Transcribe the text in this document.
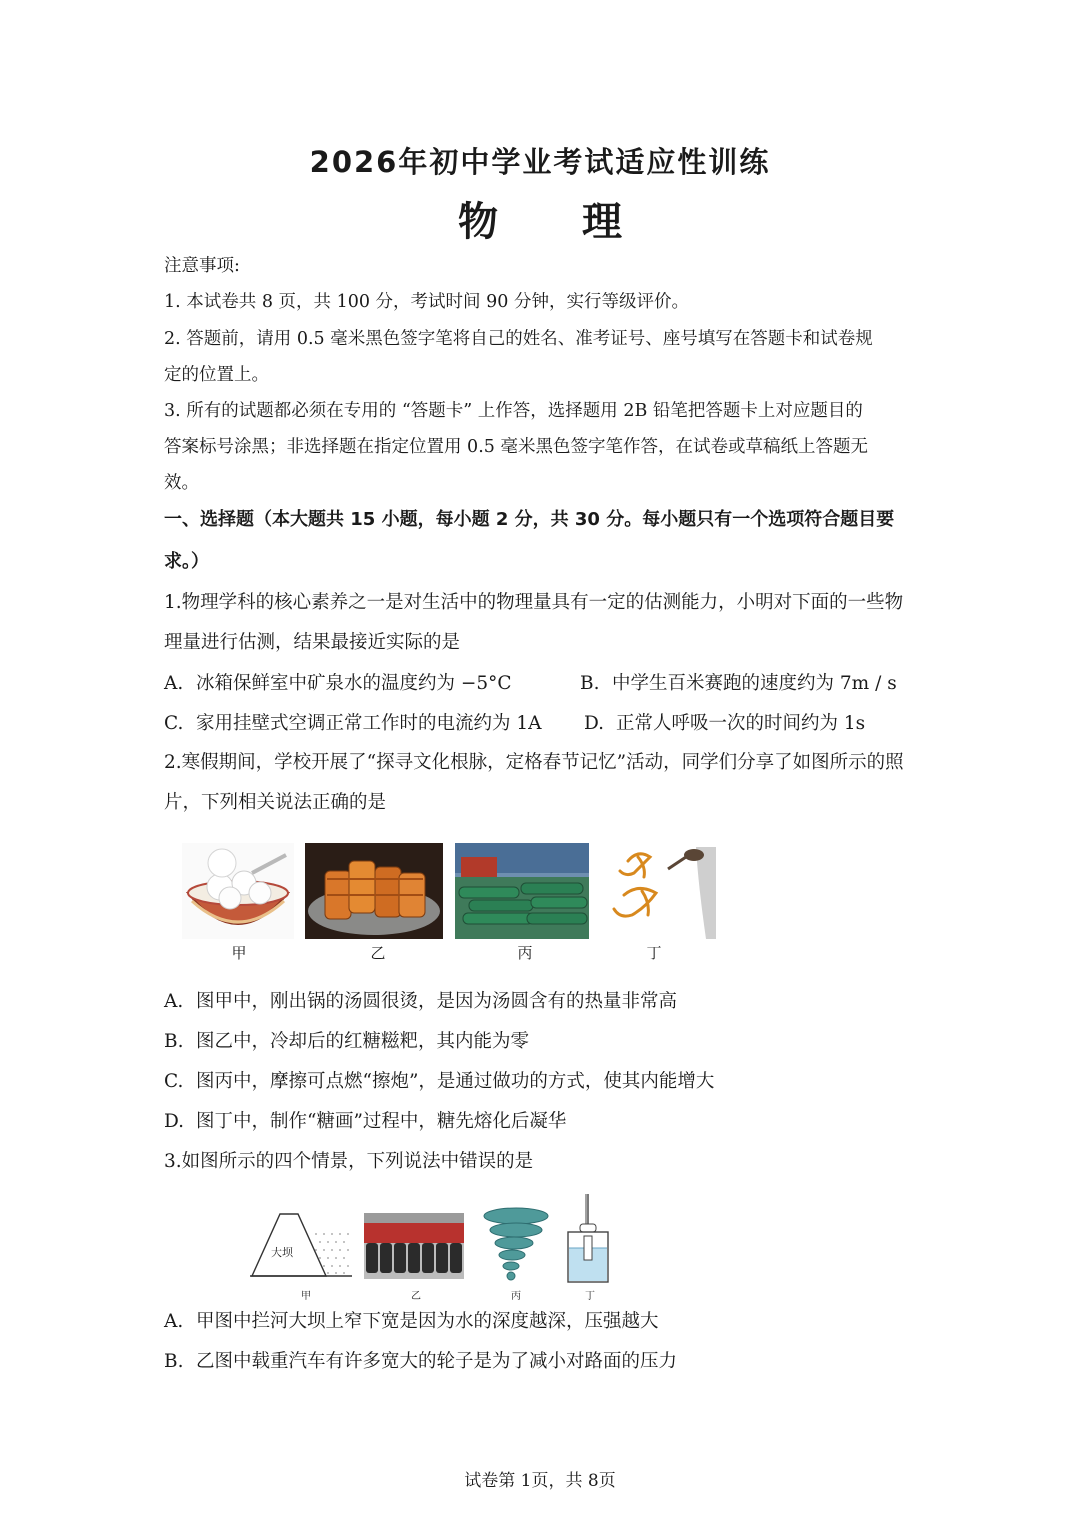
2026年初中学业考试适应性训练
物 理
注意事项:
1. 本试卷共 8 页，共 100 分，考试时间 90 分钟，实行等级评价。
2. 答题前，请用 0.5 毫米黑色签字笔将自己的姓名、准考证号、座号填写在答题卡和试卷规
定的位置上。
3. 所有的试题都必须在专用的 “答题卡” 上作答，选择题用 2B 铅笔把答题卡上对应题目的
答案标号涂黑；非选择题在指定位置用 0.5 毫米黑色签字笔作答，在试卷或草稿纸上答题无
效。
一、选择题（本大题共 15 小题，每小题 2 分，共 30 分。每小题只有一个选项符合题目要
求。）
1.物理学科的核心素养之一是对生活中的物理量具有一定的估测能力，小明对下面的一些物
理量进行估测，结果最接近实际的是
A. 冰箱保鲜室中矿泉水的温度约为 −5°C	B. 中学生百米赛跑的速度约为 7m / s
C. 家用挂壁式空调正常工作时的电流约为 1A D. 正常人呼吸一次的时间约为 1s
2.寒假期间，学校开展了“探寻文化根脉，定格春节记忆”活动，同学们分享了如图所示的照
片，下列相关说法正确的是
甲	乙	丙	丁
A. 图甲中，刚出锅的汤圆很烫，是因为汤圆含有的热量非常高
B. 图乙中，冷却后的红糖糍粑，其内能为零
C. 图丙中，摩擦可点燃“擦炮”，是通过做功的方式，使其内能增大
D. 图丁中，制作“糖画”过程中，糖先熔化后凝华
3.如图所示的四个情景，下列说法中错误的是
大坝
甲	乙	丙	丁
A. 甲图中拦河大坝上窄下宽是因为水的深度越深，压强越大
B. 乙图中载重汽车有许多宽大的轮子是为了减小对路面的压力
试卷第 1页，共 8页
